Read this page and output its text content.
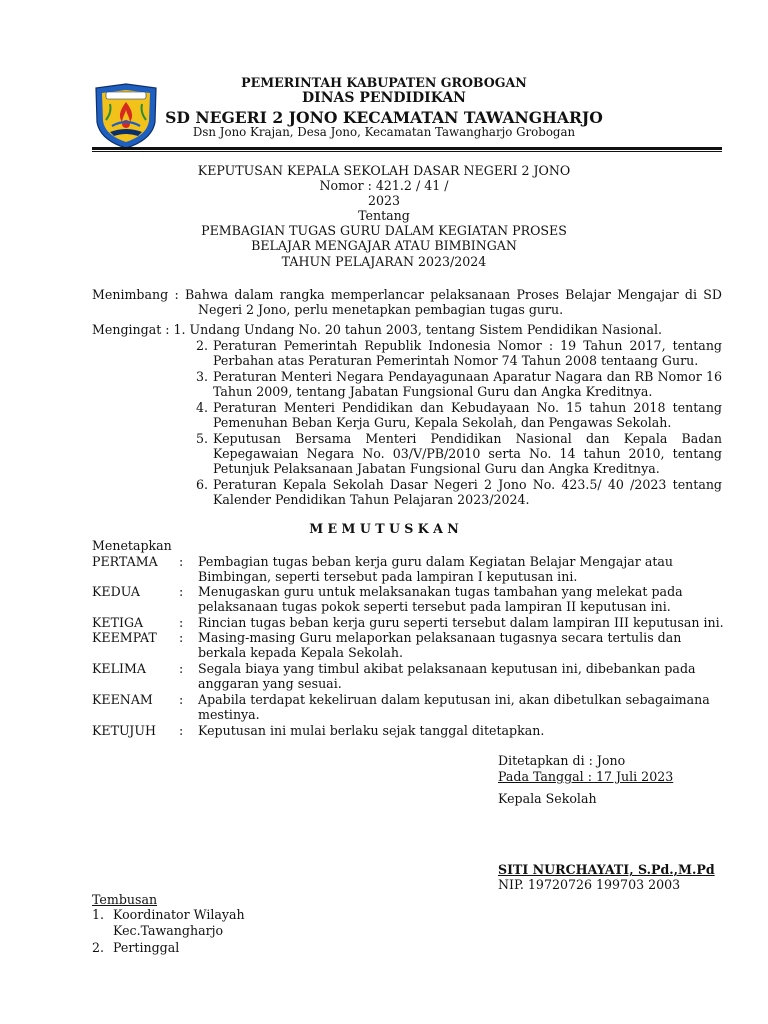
PEMERINTAH KABUPATEN GROBOGAN
DINAS PENDIDIKAN
SD NEGERI 2 JONO KECAMATAN TAWANGHARJO
Dsn Jono Krajan, Desa Jono, Kecamatan Tawangharjo Grobogan
KEPUTUSAN KEPALA SEKOLAH DASAR NEGERI 2 JONO
Nomor : 421.2 / 41 /
2023
Tentang
PEMBAGIAN TUGAS GURU DALAM KEGIATAN PROSES
BELAJAR MENGAJAR ATAU BIMBINGAN
TAHUN PELAJARAN 2023/2024
Menimbang : Bahwa dalam rangka memperlancar pelaksanaan Proses Belajar Mengajar di SD
Negeri 2 Jono, perlu menetapkan pembagian tugas guru.
Mengingat : 1. Undang Undang No. 20 tahun 2003, tentang Sistem Pendidikan Nasional.
2. Peraturan Pemerintah Republik Indonesia Nomor : 19 Tahun 2017, tentang
Perbahan atas Peraturan Pemerintah Nomor 74 Tahun 2008 tentaang Guru.
3. Peraturan Menteri Negara Pendayagunaan Aparatur Nagara dan RB Nomor 16
Tahun 2009, tentang Jabatan Fungsional Guru dan Angka Kreditnya.
4. Peraturan Menteri Pendidikan dan Kebudayaan No. 15 tahun 2018 tentang
Pemenuhan Beban Kerja Guru, Kepala Sekolah, dan Pengawas Sekolah.
5. Keputusan Bersama Menteri Pendidikan Nasional dan Kepala Badan
Kepegawaian Negara No. 03/V/PB/2010 serta No. 14 tahun 2010, tentang
Petunjuk Pelaksanaan Jabatan Fungsional Guru dan Angka Kreditnya.
6. Peraturan Kepala Sekolah Dasar Negeri 2 Jono No. 423.5/ 40 /2023 tentang
Kalender Pendidikan Tahun Pelajaran 2023/2024.
M E M U T U S K A N
Menetapkan
PERTAMA : Pembagian tugas beban kerja guru dalam Kegiatan Belajar Mengajar atau
Bimbingan, seperti tersebut pada lampiran I keputusan ini.
KEDUA	: Menugaskan guru untuk melaksanakan tugas tambahan yang melekat pada
pelaksanaan tugas pokok seperti tersebut pada lampiran II keputusan ini.
KETIGA	: Rincian tugas beban kerja guru seperti tersebut dalam lampiran III keputusan ini.
KEEMPAT : Masing-masing Guru melaporkan pelaksanaan tugasnya secara tertulis dan
berkala kepada Kepala Sekolah.
KELIMA	: Segala biaya yang timbul akibat pelaksanaan keputusan ini, dibebankan pada
anggaran yang sesuai.
KEENAM : Apabila terdapat kekeliruan dalam keputusan ini, akan dibetulkan sebagaimana
mestinya.
KETUJUH : Keputusan ini mulai berlaku sejak tanggal ditetapkan.
Ditetapkan di : Jono
Pada Tanggal : 17 Juli 2023
Kepala Sekolah
SITI NURCHAYATI, S.Pd.,M.Pd
NIP. 19720726 199703 2003
Tembusan
1. Koordinator Wilayah
Kec.Tawangharjo
2. Pertinggal
